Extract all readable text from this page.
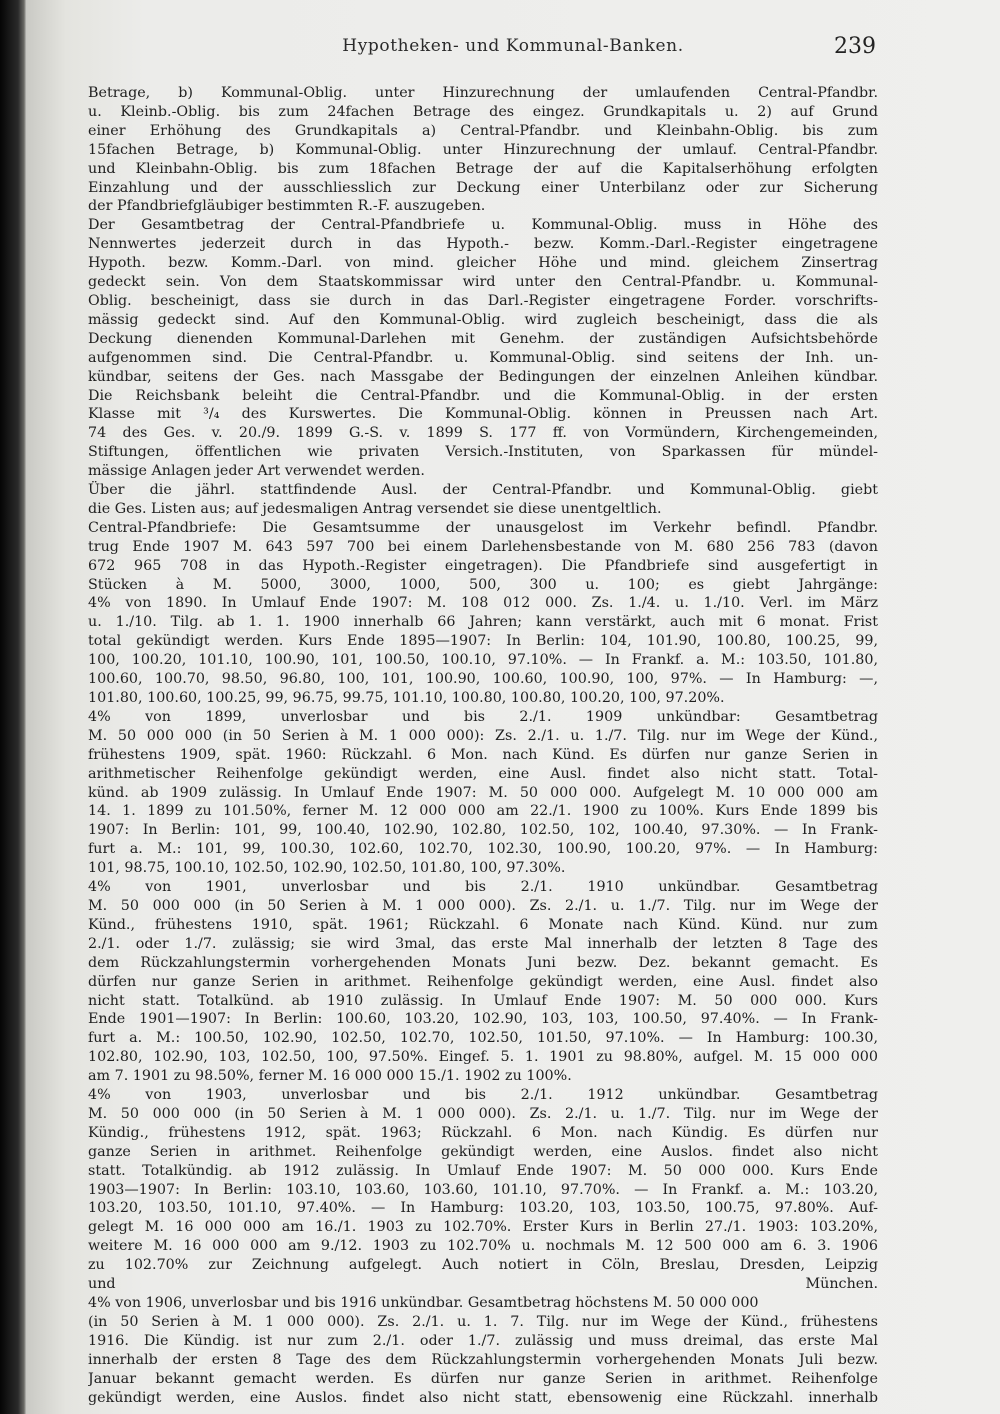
Hypotheken- und Kommunal-Banken.	239

Betrage, b) Kommunal-Oblig. unter Hinzurechnung der umlaufenden Central-Pfandbr.

u. Kleinb.-Oblig. bis zum 24fachen Betrage des eingez. Grundkapitals u. 2) auf Grund

einer Erhöhung des Grundkapitals a) Central-Pfandbr. und Kleinbahn-Oblig. bis zum

15fachen Betrage, b) Kommunal-Oblig. unter Hinzurechnung der umlauf. Central-Pfandbr.

und Kleinbahn-Oblig. bis zum 18fachen Betrage der auf die Kapitalserhöhung erfolgten

Einzahlung und der ausschliesslich zur Deckung einer Unterbilanz oder zur Sicherung

der Pfandbriefgläubiger bestimmten R.-F. auszugeben.

Der Gesamtbetrag der Central-Pfandbriefe u. Kommunal-Oblig. muss in Höhe des

Nennwertes jederzeit durch in das Hypoth.- bezw. Komm.-Darl.-Register eingetragene

Hypoth. bezw. Komm.-Darl. von mind. gleicher Höhe und mind. gleichem Zinsertrag

gedeckt sein. Von dem Staatskommissar wird unter den Central-Pfandbr. u. Kommunal-

Oblig. bescheinigt, dass sie durch in das Darl.-Register eingetragene Forder. vorschrifts-

mässig gedeckt sind. Auf den Kommunal-Oblig. wird zugleich bescheinigt, dass die als

Deckung dienenden Kommunal-Darlehen mit Genehm. der zuständigen Aufsichtsbehörde

aufgenommen sind. Die Central-Pfandbr. u. Kommunal-Oblig. sind seitens der Inh. un-

kündbar, seitens der Ges. nach Massgabe der Bedingungen der einzelnen Anleihen kündbar.

Die Reichsbank beleiht die Central-Pfandbr. und die Kommunal-Oblig. in der ersten

Klasse mit ³/₄ des Kurswertes. Die Kommunal-Oblig. können in Preussen nach Art.

74 des Ges. v. 20./9. 1899 G.-S. v. 1899 S. 177 ff. von Vormündern, Kirchengemeinden,

Stiftungen, öffentlichen wie privaten Versich.-Instituten, von Sparkassen für mündel-

mässige Anlagen jeder Art verwendet werden.

Über die jährl. stattfindende Ausl. der Central-Pfandbr. und Kommunal-Oblig. giebt

die Ges. Listen aus; auf jedesmaligen Antrag versendet sie diese unentgeltlich.

Central-Pfandbriefe: Die Gesamtsumme der unausgelost im Verkehr befindl. Pfandbr.

trug Ende 1907 M. 643 597 700 bei einem Darlehensbestande von M. 680 256 783 (davon

672 965 708 in das Hypoth.-Register eingetragen). Die Pfandbriefe sind ausgefertigt in

Stücken à M. 5000, 3000, 1000, 500, 300 u. 100; es giebt Jahrgänge:

4% von 1890. In Umlauf Ende 1907: M. 108 012 000. Zs. 1./4. u. 1./10. Verl. im März

u. 1./10. Tilg. ab 1. 1. 1900 innerhalb 66 Jahren; kann verstärkt, auch mit 6 monat. Frist

total gekündigt werden. Kurs Ende 1895—1907: In Berlin: 104, 101.90, 100.80, 100.25, 99,

100, 100.20, 101.10, 100.90, 101, 100.50, 100.10, 97.10%. — In Frankf. a. M.: 103.50, 101.80,

100.60, 100.70, 98.50, 96.80, 100, 101, 100.90, 100.60, 100.90, 100, 97%. — In Hamburg: —,

101.80, 100.60, 100.25, 99, 96.75, 99.75, 101.10, 100.80, 100.80, 100.20, 100, 97.20%.

4% von 1899, unverlosbar und bis 2./1. 1909 unkündbar: Gesamtbetrag

M. 50 000 000 (in 50 Serien à M. 1 000 000): Zs. 2./1. u. 1./7. Tilg. nur im Wege der Künd.,

frühestens 1909, spät. 1960: Rückzahl. 6 Mon. nach Künd. Es dürfen nur ganze Serien in

arithmetischer Reihenfolge gekündigt werden, eine Ausl. findet also nicht statt. Total-

künd. ab 1909 zulässig. In Umlauf Ende 1907: M. 50 000 000. Aufgelegt M. 10 000 000 am

14. 1. 1899 zu 101.50%, ferner M. 12 000 000 am 22./1. 1900 zu 100%. Kurs Ende 1899 bis

1907: In Berlin: 101, 99, 100.40, 102.90, 102.80, 102.50, 102, 100.40, 97.30%. — In Frank-

furt a. M.: 101, 99, 100.30, 102.60, 102.70, 102.30, 100.90, 100.20, 97%. — In Hamburg:

101, 98.75, 100.10, 102.50, 102.90, 102.50, 101.80, 100, 97.30%.

4% von 1901, unverlosbar und bis 2./1. 1910 unkündbar. Gesamtbetrag

M. 50 000 000 (in 50 Serien à M. 1 000 000). Zs. 2./1. u. 1./7. Tilg. nur im Wege der

Künd., frühestens 1910, spät. 1961; Rückzahl. 6 Monate nach Künd. Künd. nur zum

2./1. oder 1./7. zulässig; sie wird 3mal, das erste Mal innerhalb der letzten 8 Tage des

dem Rückzahlungstermin vorhergehenden Monats Juni bezw. Dez. bekannt gemacht. Es

dürfen nur ganze Serien in arithmet. Reihenfolge gekündigt werden, eine Ausl. findet also

nicht statt. Totalkünd. ab 1910 zulässig. In Umlauf Ende 1907: M. 50 000 000. Kurs

Ende 1901—1907: In Berlin: 100.60, 103.20, 102.90, 103, 103, 100.50, 97.40%. — In Frank-

furt a. M.: 100.50, 102.90, 102.50, 102.70, 102.50, 101.50, 97.10%. — In Hamburg: 100.30,

102.80, 102.90, 103, 102.50, 100, 97.50%. Eingef. 5. 1. 1901 zu 98.80%, aufgel. M. 15 000 000

am 7. 1901 zu 98.50%, ferner M. 16 000 000 15./1. 1902 zu 100%.

4% von 1903, unverlosbar und bis 2./1. 1912 unkündbar. Gesamtbetrag

M. 50 000 000 (in 50 Serien à M. 1 000 000). Zs. 2./1. u. 1./7. Tilg. nur im Wege der

Kündig., frühestens 1912, spät. 1963; Rückzahl. 6 Mon. nach Kündig. Es dürfen nur

ganze Serien in arithmet. Reihenfolge gekündigt werden, eine Auslos. findet also nicht

statt. Totalkündig. ab 1912 zulässig. In Umlauf Ende 1907: M. 50 000 000. Kurs Ende

1903—1907: In Berlin: 103.10, 103.60, 103.60, 101.10, 97.70%. — In Frankf. a. M.: 103.20,

103.20, 103.50, 101.10, 97.40%. — In Hamburg: 103.20, 103, 103.50, 100.75, 97.80%. Auf-

gelegt M. 16 000 000 am 16./1. 1903 zu 102.70%. Erster Kurs in Berlin 27./1. 1903: 103.20%,

weitere M. 16 000 000 am 9./12. 1903 zu 102.70% u. nochmals M. 12 500 000 am 6. 3. 1906

zu 102.70% zur Zeichnung aufgelegt. Auch notiert in Cöln, Breslau, Dresden, Leipzig

und München.

4% von 1906, unverlosbar und bis 1916 unkündbar. Gesamtbetrag höchstens M. 50 000 000

(in 50 Serien à M. 1 000 000). Zs. 2./1. u. 1. 7. Tilg. nur im Wege der Künd., frühestens

1916. Die Kündig. ist nur zum 2./1. oder 1./7. zulässig und muss dreimal, das erste Mal

innerhalb der ersten 8 Tage des dem Rückzahlungstermin vorhergehenden Monats Juli bezw.

Januar bekannt gemacht werden. Es dürfen nur ganze Serien in arithmet. Reihenfolge

gekündigt werden, eine Auslos. findet also nicht statt, ebensowenig eine Rückzahl. innerhalb
